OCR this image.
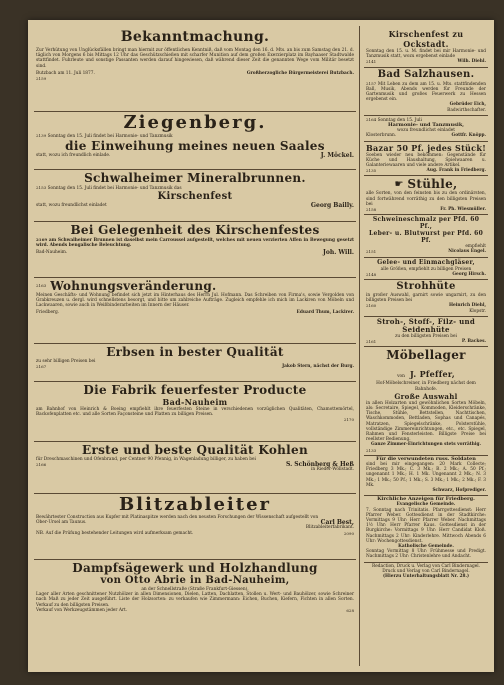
Bekanntmachung.
Zur Verhütung von Unglücksfällen bringt man hiermit zur öffentlichen Kenntniß, daß vom Montag den 16. d. Mts. an bis zum Samstag den 21. d. täglich von Morgens 6 bis Mittags 12 Uhr das Geschützschießen mit scharfer Munition auf dem großen Exerzierplatz im Bayhaaser Stadtwalde stattfindet. Fuhrleute und sonstige Passanten werden darauf hingewiesen, daß während dieser Zeit die genannten Wege vom Militär besetzt sind.
Butzbach am 11. Juli 1877.	Großherzogliche Bürgermeisterei Butzbach.
2159
Ziegenberg.
2139 Sonntag den 15. Juli findet bei Harmonie- und Tanzmusik
die Einweihung meines neuen Saales
statt, wozu ich freundlich einlade.	J. Möckel.
Schwalheimer Mineralbrunnen.
2153 Sonntag den 15. Juli findet bei Harmonie- und Tanzmusik das
Kirschenfest
statt, wozu freundlichst einladet	Georg Bailly.
Bei Gelegenheit des Kirschenfestes
2169 am Schwalheimer Brunnen ist daselbst mein Carroussel aufgestellt, welches mit neuen verzierten Affen in Bewegung gesetzt wird. Abends bengalische Beleuchtung.
Bad-Nauheim.	Joh. Will.
2163 Wohnungsveränderung.
Meinen Geschäfts- und Wohnung befindet sich jetzt im Hinterhaus des Herrn Jul. Hofmann. Das Schreiben von Firma's, sowie Vergolden von Grabkreuzen u. dergl. wird schnellstens besorgt, und bitte um zahlreiche Aufträge. Zugleich empfehle ich mich im Lackiren von Möbeln und Lackwaaren, sowie auch in Weißbinderarbeiten im Innern der Häuser.
Friedberg.	Eduard Thum, Lackirer.
Erbsen in bester Qualität
zu sehr billigen Preisen bei
2167	Jakob Stern, nächst der Burg.
Die Fabrik feuerfester Producte
Bad-Nauheim
am Bahnhof von Heinrich & Boeing empfiehlt ihre feuerfesten Steine in verschiedenen vorzüglichen Qualitäten, Chamottemörtel, Backofenplatten etc. und alle Sorten Façonsteine und Platten zu billigen Preisen.
2170
Erste und beste Qualität Kohlen
für Dreschmaschinen und Ofenbrand, per Centner 90 Pfennig, in Wagenladung billiger, zu haben bei
2166	S. Schönberg & Heß
in Rieder-Wöllstadt.
Blitzableiter
Bewährtester Construction aus Kupfer mit Platinaspitze werden nach den neusten Forschungen der Wissenschaft aufgestellt von
Ober-Ursel am Taunus.	Carl Best,
Blitzableiterfabrikant.
NB. Auf die Prüfung bestehender Leitungen wird aufmerksam gemacht.	2090
Dampfsägewerk und Holzhandlung
von Otto Abrie in Bad-Nauheim,
an der Schnellstraße (Straße Frankfurt-Giessen),
Lager aller Arten geschnittener Nutzhölzer in allen Dimensionen, Dielen, Latten, Dachlatten, Stollen u. Wert- und Bauhölzer, sowie Schreiner nach Maß zu jeder Zeit ausgeführt. Liste der Holzsorten: zu verkaufen wie Zimmermann: Eichen, Buchen, Kiefern, Fichten in allen Sorten. Verkauf zu den billigsten Preisen.
Verkauf von Werkzeugstämmen jeder Art.	628
Kirschenfest zu Ockstadt.
Sonntag den 15. u. M. findet bei mir Harmonie- und Tanzmusik statt, wozu ergebenst einlade
2141	Wilh. Diehl.
Bad Salzhausen.
2157 Mit Leben zu dem am 15. u. Mts. stattfindenden Ball, Musik, Abends werden für Freunde der Gartenmusik und großes Feuerwerk zu Hessen ergebenst ein.
Gebrüder Eich,
Badwirthschafter.
2164 Sonntag den 15. Juli
Harmonie- und Tanzmusik,
wozu freundlichst einladet
Klosterbrunn.	Gottfr. Knöpp.
Bazar 50 Pf. jedes Stück!
Soeben wieder neu bekommen: Gegenstände für Küche und Haushaltung, Spielwaaren u. Galanteriewaaren und viele andere Artikel.
2135	Aug. Frank in Friedberg.
☛ Stühle,
alle Sorten, von den feinsten bis zu den ordinärsten, sind fortwährend vorräthig zu den billigsten Preisen bei
2158	Fr. Ph. Wiesmüller.
Schweineschmalz per Pfd. 60 Pf.,
Leber- u. Blutwurst per Pfd. 60 Pf.
empfiehlt
2151	Nicolaus Engel.
Gelee- und Einmachgläser,
alle Größen, empfiehlt zu billigen Preisen
2148	Georg Hirsch.
Strohhüte
in großer Auswahl, garnirt sowie ungarnirt, zu den billigsten Preisen bei
2160	Heinrich Diehl,
Klopstr.
Stroh-, Stoff-, Filz- und Seidenhüte
zu den billigsten Preisen bei
2161	P. Backes.
Möbellager
von J. Pfeffer,
Hof-Möbelschreiner, in Friedberg nächst dem Bahnhofe.
Große Auswahl
in allen Holzarten und gewöhnlichen Sorten Möbeln, als: Secretaire, Spiegel, Kommoden, Kleiderschränke, Tische, Stühle, Bettstellen, Nachttischen, Waschkommoden, Bettladen, Sophas und Canapés, Matratzen, Spiegelschränke, Polsterstühle, vollständige Zimmereinrichtungen, etc., etc. Spiegel, Rahmen und Fensterleisten. Billigste Preise bei reellster Bedienung.
Ganze Zimmer-Einrichtungen stets vorräthig.
2133
Für die verwundeten russ. Soldaten
sind bei mir eingegangen: 20 Mark Collecte; Friedberg 3 Mk.; C. 3 Mk.; B. 2 Mk.; A. 50 Pf.; ungenannt 1 Mk.; H. 1 Mk. Ungenannt 2 Mk.; N. 3 Mk.; 1 Mk.; 50 Pf.; 1 Mk.; S. 3 Mk.; 1 Mk.; 2 Mk.; F. 3 Mk.
Schwarz, Hofprediger.
Kirchliche Anzeigen für Friedberg.
Evangelische Gemeinde.
7. Sonntag nach Trinitatis. Pfarrgottesdienst: Herr Pfarrer Weber. Gottesdienst in der Stadtkirche: Vormittags 9 Uhr: Herr Pfarrer Weber. Nachmittags 1½ Uhr: Herr Pfarrer Kaus. Gottesdienst in der Burgkirche: Vormittags 9 Uhr: Herr Candidat Kloß. Nachmittags 2 Uhr: Kinderlehre. Mittwoch Abends 6 Uhr: Wochengottesdienst.
Katholische Gemeinde.
Sonntag Vormittag 8 Uhr: Frühmesse und Predigt. Nachmittags 2 Uhr: Christenlehre und Andacht.
Redaction, Druck u. Verlag von Carl Bindernagel.
Druck und Verlag von Carl Bindernagel.
(Hierzu Unterhaltungsblatt Nr. 28.)
